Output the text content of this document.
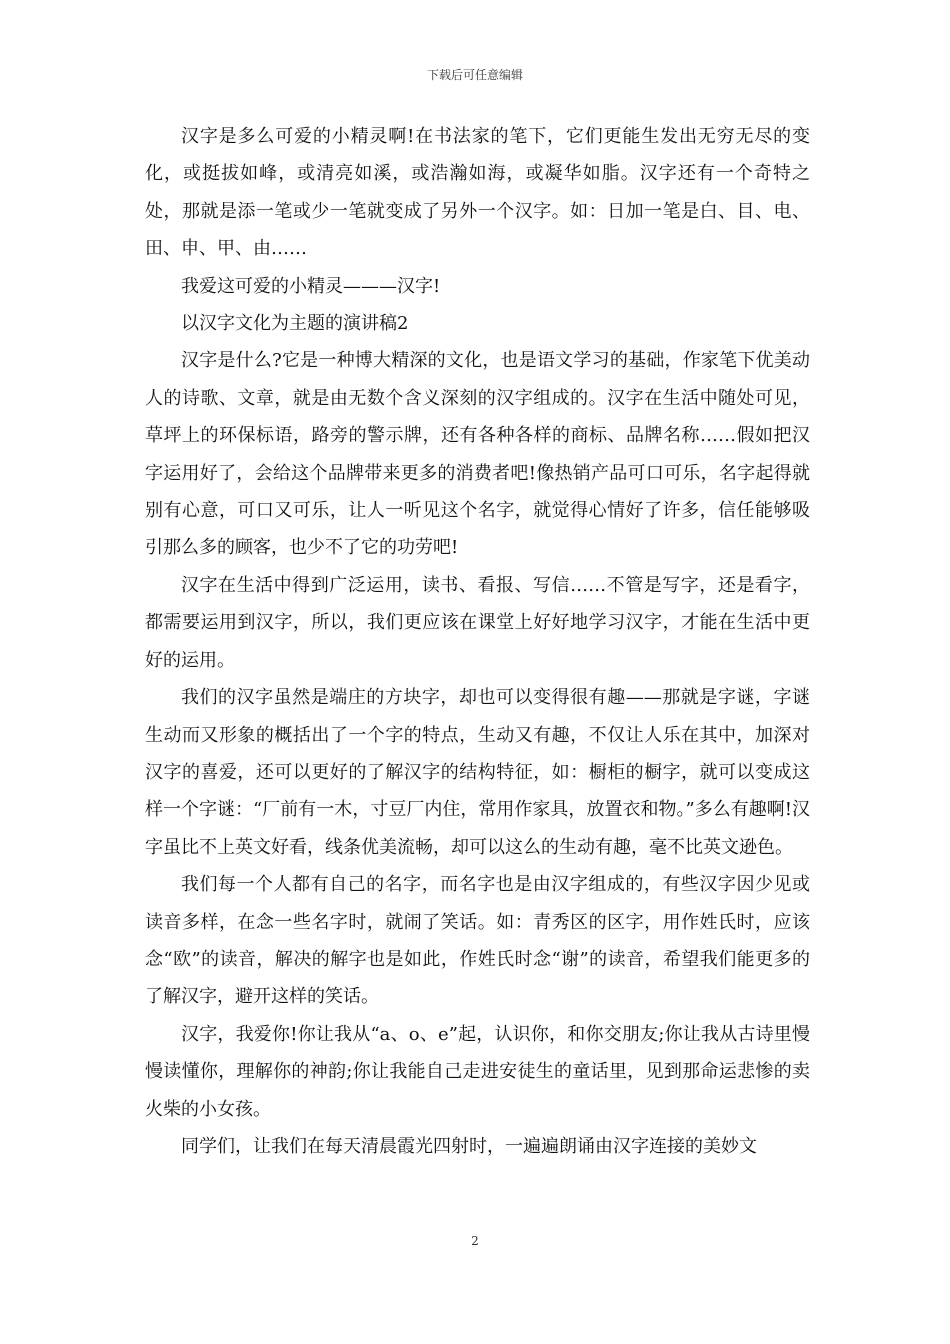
下载后可任意编辑

汉字是多么可爱的小精灵啊!在书法家的笔下，它们更能生发出无穷无尽的变化，或挺拔如峰，或清亮如溪，或浩瀚如海，或凝华如脂。汉字还有一个奇特之处，那就是添一笔或少一笔就变成了另外一个汉字。如：日加一笔是白、目、电、田、申、甲、由……

我爱这可爱的小精灵———汉字!

以汉字文化为主题的演讲稿2

汉字是什么?它是一种博大精深的文化，也是语文学习的基础，作家笔下优美动人的诗歌、文章，就是由无数个含义深刻的汉字组成的。汉字在生活中随处可见，草坪上的环保标语，路旁的警示牌，还有各种各样的商标、品牌名称……假如把汉字运用好了，会给这个品牌带来更多的消费者吧!像热销产品可口可乐，名字起得就别有心意，可口又可乐，让人一听见这个名字，就觉得心情好了许多，信任能够吸引那么多的顾客，也少不了它的功劳吧!

汉字在生活中得到广泛运用，读书、看报、写信……不管是写字，还是看字，都需要运用到汉字，所以，我们更应该在课堂上好好地学习汉字，才能在生活中更好的运用。

我们的汉字虽然是端庄的方块字，却也可以变得很有趣——那就是字谜，字谜生动而又形象的概括出了一个字的特点，生动又有趣，不仅让人乐在其中，加深对汉字的喜爱，还可以更好的了解汉字的结构特征，如：橱柜的橱字，就可以变成这样一个字谜：“厂前有一木，寸豆厂内住，常用作家具，放置衣和物。”多么有趣啊!汉字虽比不上英文好看，线条优美流畅，却可以这么的生动有趣，毫不比英文逊色。

我们每一个人都有自己的名字，而名字也是由汉字组成的，有些汉字因少见或读音多样，在念一些名字时，就闹了笑话。如：青秀区的区字，用作姓氏时，应该念“欧”的读音，解决的解字也是如此，作姓氏时念“谢”的读音，希望我们能更多的了解汉字，避开这样的笑话。

汉字，我爱你!你让我从“a、o、e”起，认识你，和你交朋友;你让我从古诗里慢慢读懂你，理解你的神韵;你让我能自己走进安徒生的童话里，见到那命运悲惨的卖火柴的小女孩。

同学们，让我们在每天清晨霞光四射时，一遍遍朗诵由汉字连接的美妙文

2
